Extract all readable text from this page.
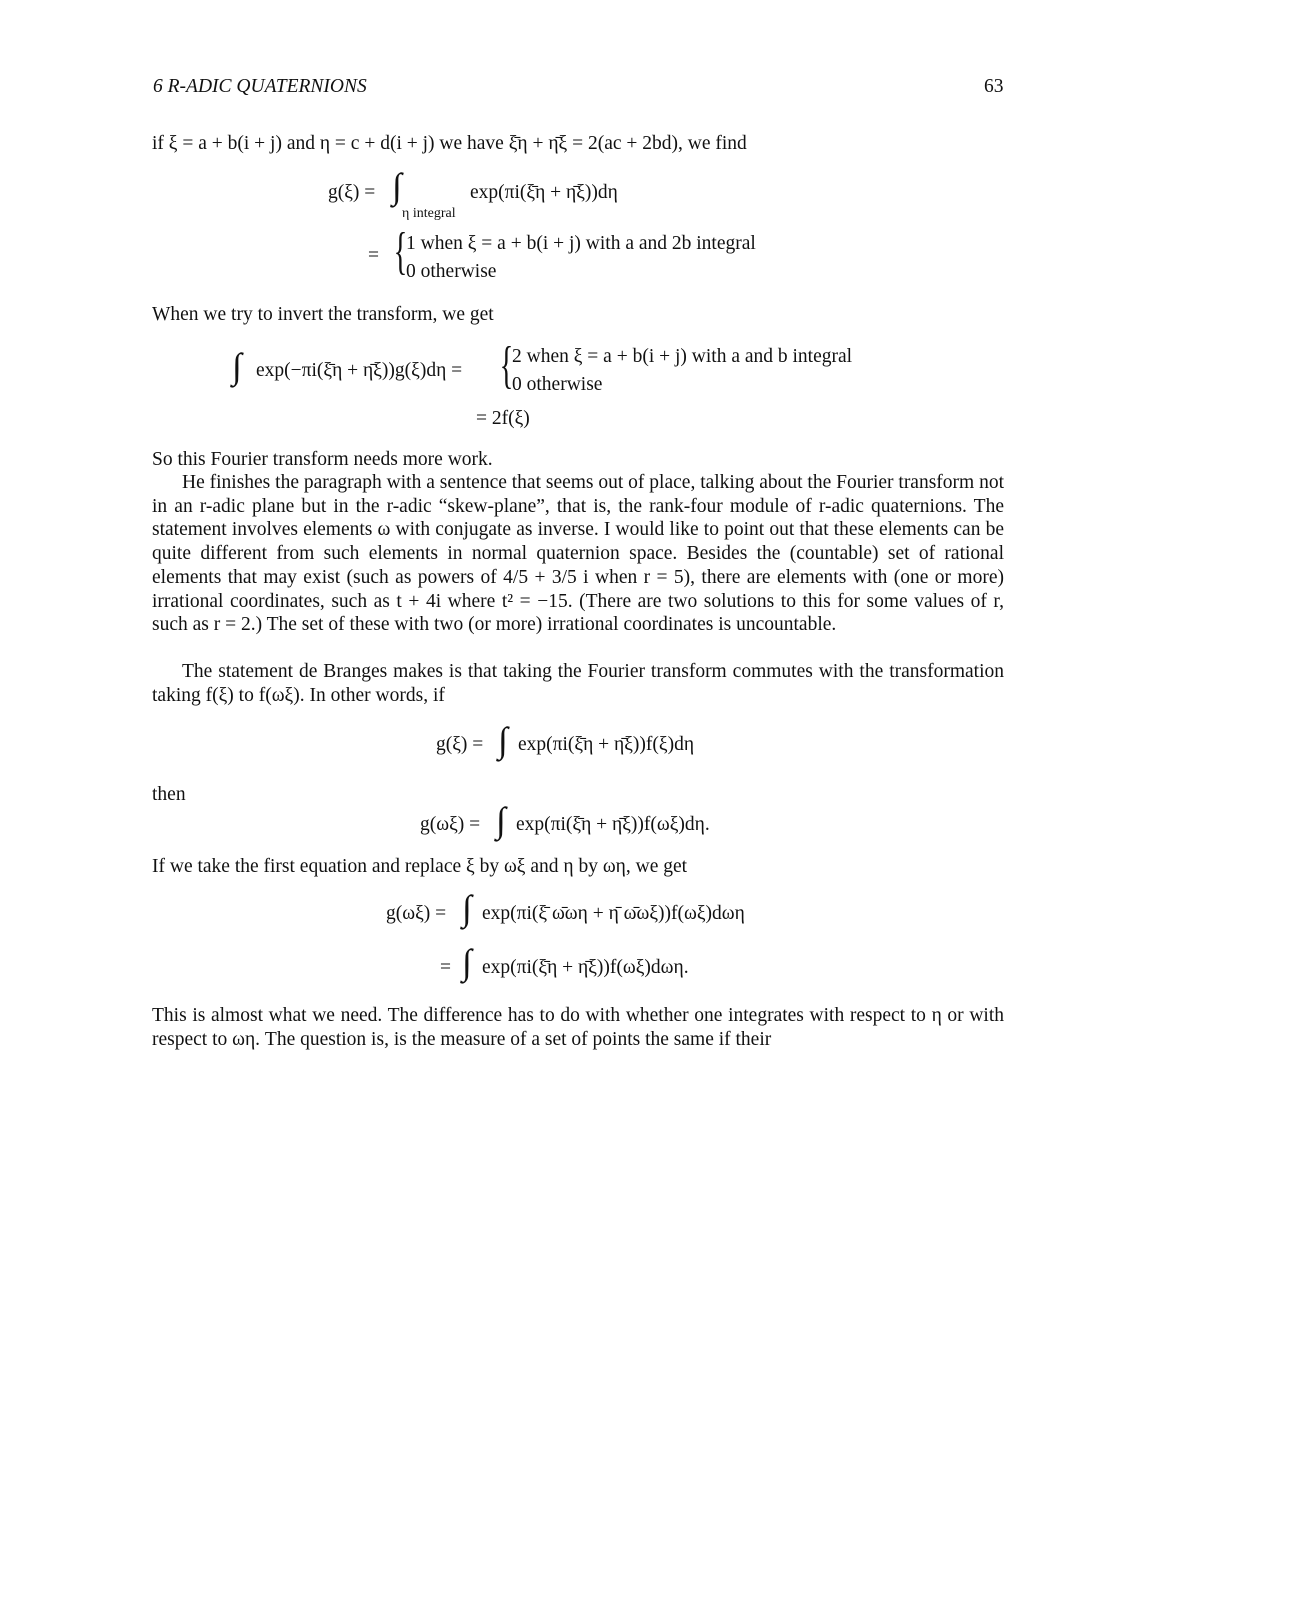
6 R-ADIC QUATERNIONS	63
if ξ = a + b(i + j) and η = c + d(i + j) we have ξ̄η + η̄ξ = 2(ac + 2bd), we find
g(ξ) = ∫
η integral
exp(πi(ξ̄η + η̄ξ))dη
= {
1 when ξ = a + b(i + j) with a and 2b integral
0 otherwise
When we try to invert the transform, we get
∫ exp(−πi(ξ̄η + η̄ξ))g(ξ)dη = {
2 when ξ = a + b(i + j) with a and b integral
0 otherwise
= 2f(ξ)
So this Fourier transform needs more work.
He finishes the paragraph with a sentence that seems out of place, talking about the Fourier transform not in an r-adic plane but in the r-adic “skew-plane”, that is, the rank-four module of r-adic quaternions. The statement involves elements ω with conjugate as inverse. I would like to point out that these elements can be quite different from such elements in normal quaternion space. Besides the (countable) set of rational elements that may exist (such as powers of 4/5 + 3/5 i when r = 5), there are elements with (one or more) irrational coordinates, such as t + 4i where t² = −15. (There are two solutions to this for some values of r, such as r = 2.) The set of these with two (or more) irrational coordinates is uncountable.
The statement de Branges makes is that taking the Fourier transform commutes with the transformation taking f(ξ) to f(ωξ). In other words, if
g(ξ) = ∫ exp(πi(ξ̄η + η̄ξ))f(ξ)dη
then
g(ωξ) = ∫ exp(πi(ξ̄η + η̄ξ))f(ωξ)dη.
If we take the first equation and replace ξ by ωξ and η by ωη, we get
g(ωξ) = ∫ exp(πi(ξ̄ ω̄ωη + η̄ ω̄ωξ))f(ωξ)dωη
= ∫ exp(πi(ξ̄η + η̄ξ))f(ωξ)dωη.
This is almost what we need. The difference has to do with whether one integrates with respect to η or with respect to ωη. The question is, is the measure of a set of points the same if their
